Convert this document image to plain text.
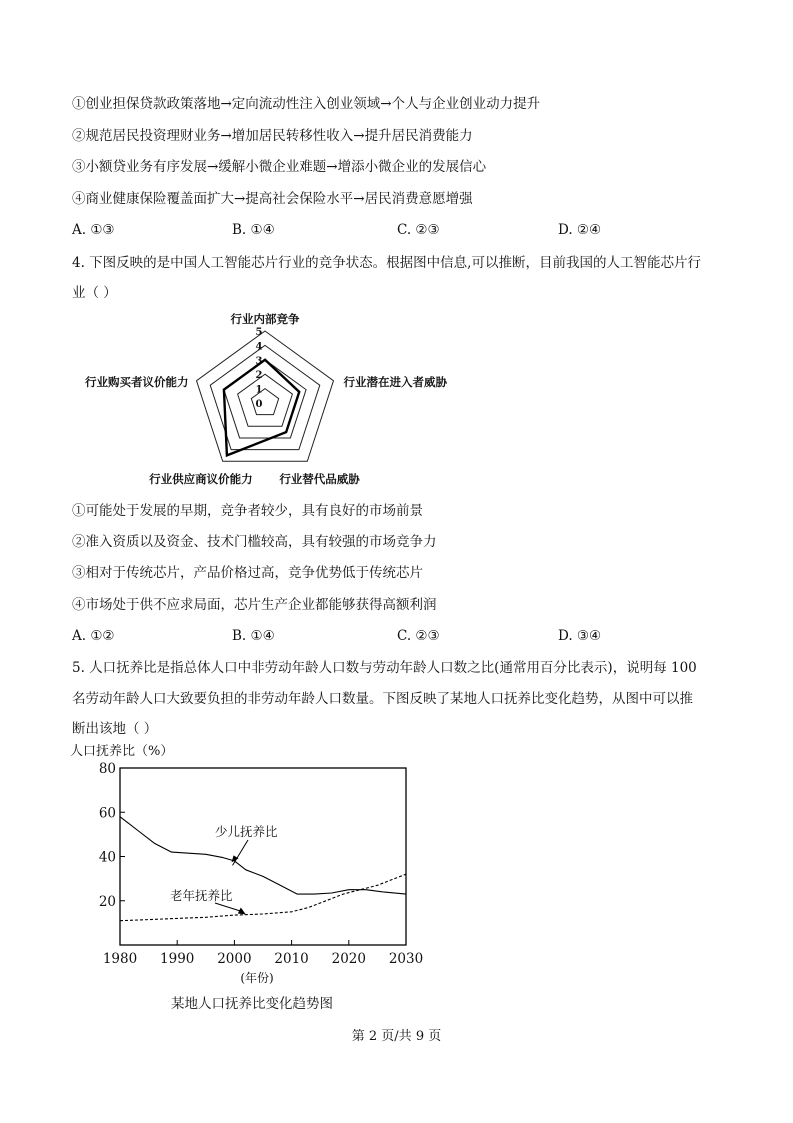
①创业担保贷款政策落地→定向流动性注入创业领域→个人与企业创业动力提升
②规范居民投资理财业务→增加居民转移性收入→提升居民消费能力
③小额贷业务有序发展→缓解小微企业难题→增添小微企业的发展信心
④商业健康保险覆盖面扩大→提高社会保险水平→居民消费意愿增强
A. ①③	B. ①④	C. ②③	D. ②④
4. 下图反映的是中国人工智能芯片行业的竞争状态。根据图中信息,可以推断，目前我国的人工智能芯片行
业（ ）
0
1
2
3
4
5
行业内部竞争
行业潜在进入者威胁
行业替代品威胁
行业供应商议价能力
行业购买者议价能力
①可能处于发展的早期，竞争者较少，具有良好的市场前景
②准入资质以及资金、技术门槛较高，具有较强的市场竞争力
③相对于传统芯片，产品价格过高，竞争优势低于传统芯片
④市场处于供不应求局面，芯片生产企业都能够获得高额利润
A. ①②	B. ①④	C. ②③	D. ③④
5. 人口抚养比是指总体人口中非劳动年龄人口数与劳动年龄人口数之比(通常用百分比表示)，说明每 100
名劳动年龄人口大致要负担的非劳动年龄人口数量。下图反映了某地人口抚养比变化趋势，从图中可以推
断出该地（ ）
人口抚养比（%）
20
40
60
80
1980 1990 2000 2010 2020 2030
少儿抚养比
老年抚养比
(年份)
某地人口抚养比变化趋势图
第 2 页/共 9 页
